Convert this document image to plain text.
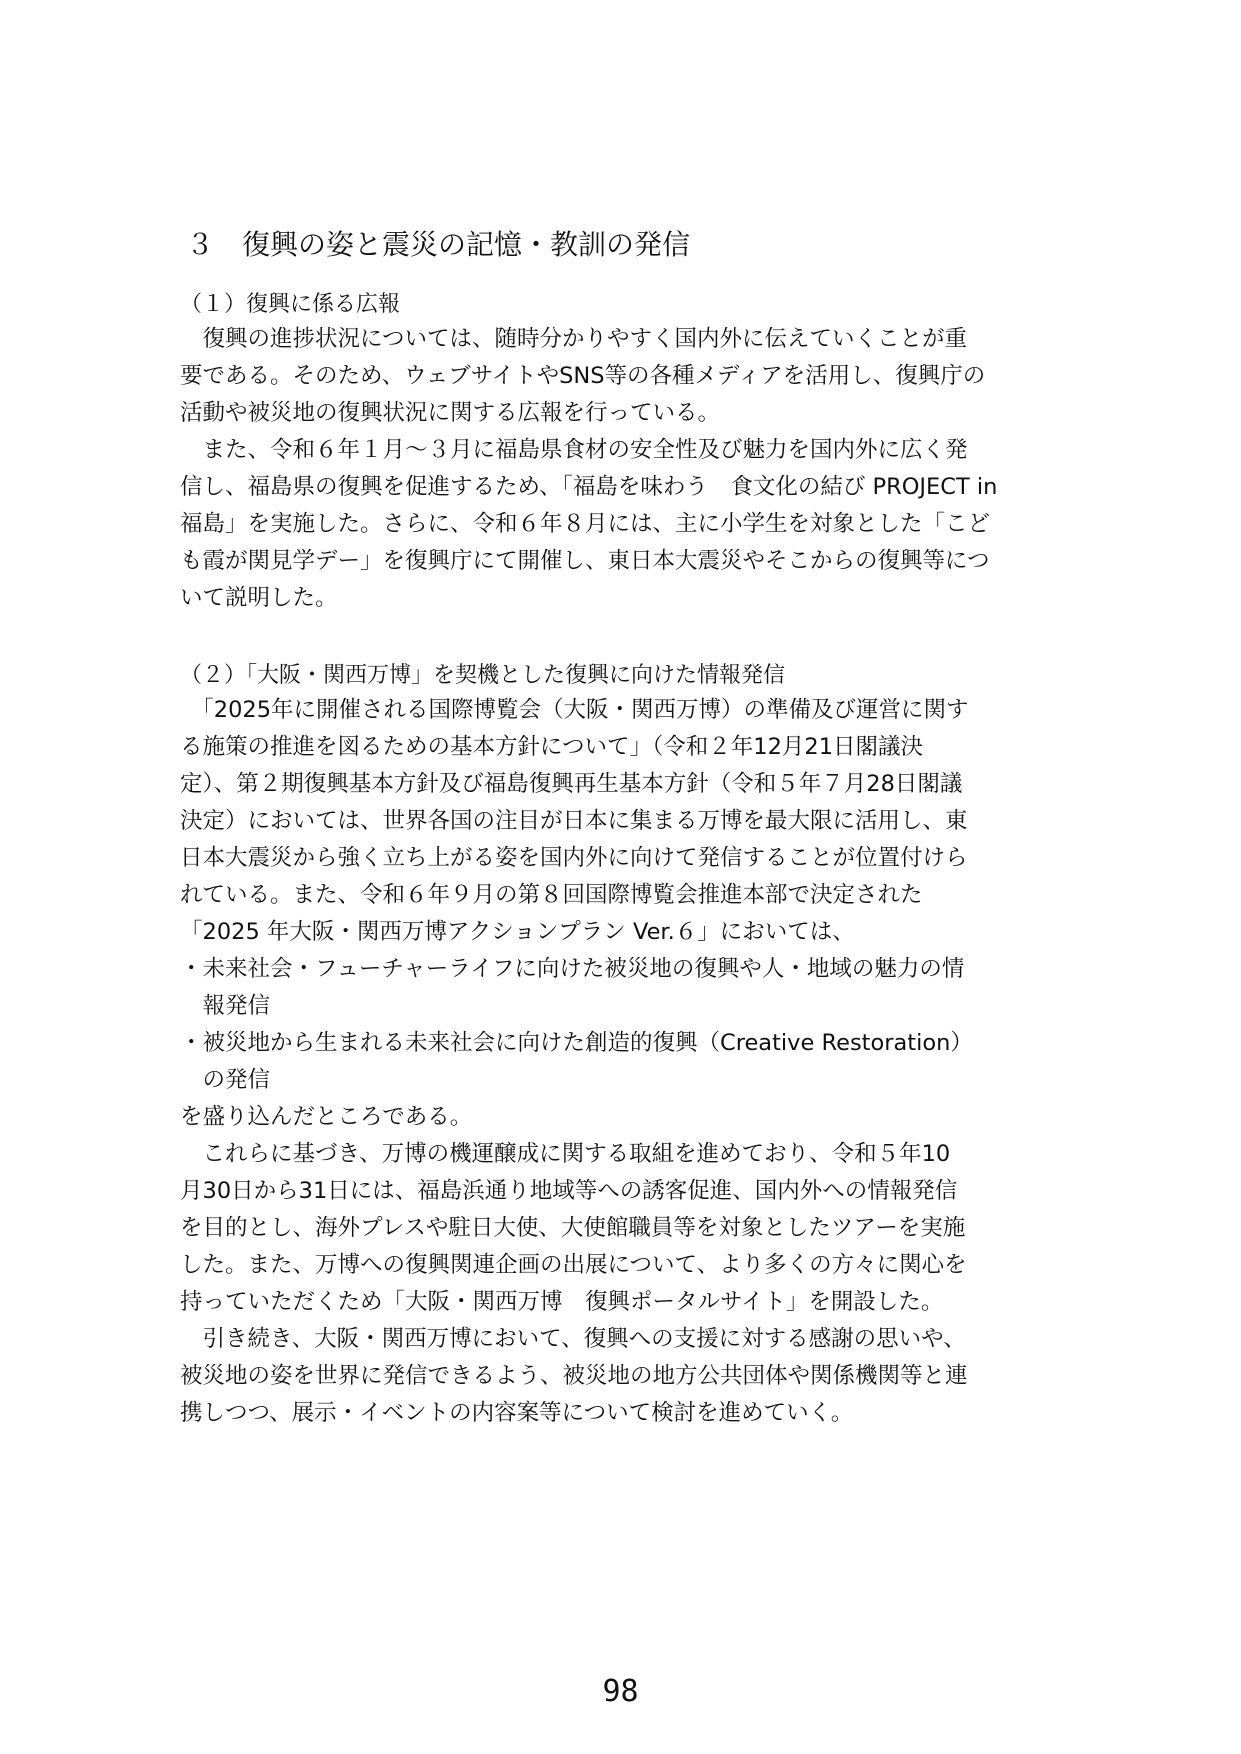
３　復興の姿と震災の記憶・教訓の発信
（１）復興に係る広報
　復興の進捗状況については、随時分かりやすく国内外に伝えていくことが重
要である。そのため、ウェブサイトやSNS等の各種メディアを活用し、復興庁の
活動や被災地の復興状況に関する広報を行っている。
　また、令和６年１月～３月に福島県食材の安全性及び魅力を国内外に広く発
信し、福島県の復興を促進するため、「福島を味わう　食文化の結び PROJECT in
福島」を実施した。さらに、令和６年８月には、主に小学生を対象とした「こど
も霞が関見学デー」を復興庁にて開催し、東日本大震災やそこからの復興等につ
いて説明した。
（２）「大阪・関西万博」を契機とした復興に向けた情報発信
　「2025年に開催される国際博覧会（大阪・関西万博）の準備及び運営に関す
る施策の推進を図るための基本方針について」（令和２年12月21日閣議決
定）、第２期復興基本方針及び福島復興再生基本方針（令和５年７月28日閣議
決定）においては、世界各国の注目が日本に集まる万博を最大限に活用し、東
日本大震災から強く立ち上がる姿を国内外に向けて発信することが位置付けら
れている。また、令和６年９月の第８回国際博覧会推進本部で決定された
「2025 年大阪・関西万博アクションプラン Ver.６」においては、
・未来社会・フューチャーライフに向けた被災地の復興や人・地域の魅力の情
　報発信
・被災地から生まれる未来社会に向けた創造的復興（Creative Restoration）
　の発信
を盛り込んだところである。
　これらに基づき、万博の機運醸成に関する取組を進めており、令和５年10
月30日から31日には、福島浜通り地域等への誘客促進、国内外への情報発信
を目的とし、海外プレスや駐日大使、大使館職員等を対象としたツアーを実施
した。また、万博への復興関連企画の出展について、より多くの方々に関心を
持っていただくため「大阪・関西万博　復興ポータルサイト」を開設した。
　引き続き、大阪・関西万博において、復興への支援に対する感謝の思いや、
被災地の姿を世界に発信できるよう、被災地の地方公共団体や関係機関等と連
携しつつ、展示・イベントの内容案等について検討を進めていく。
98
